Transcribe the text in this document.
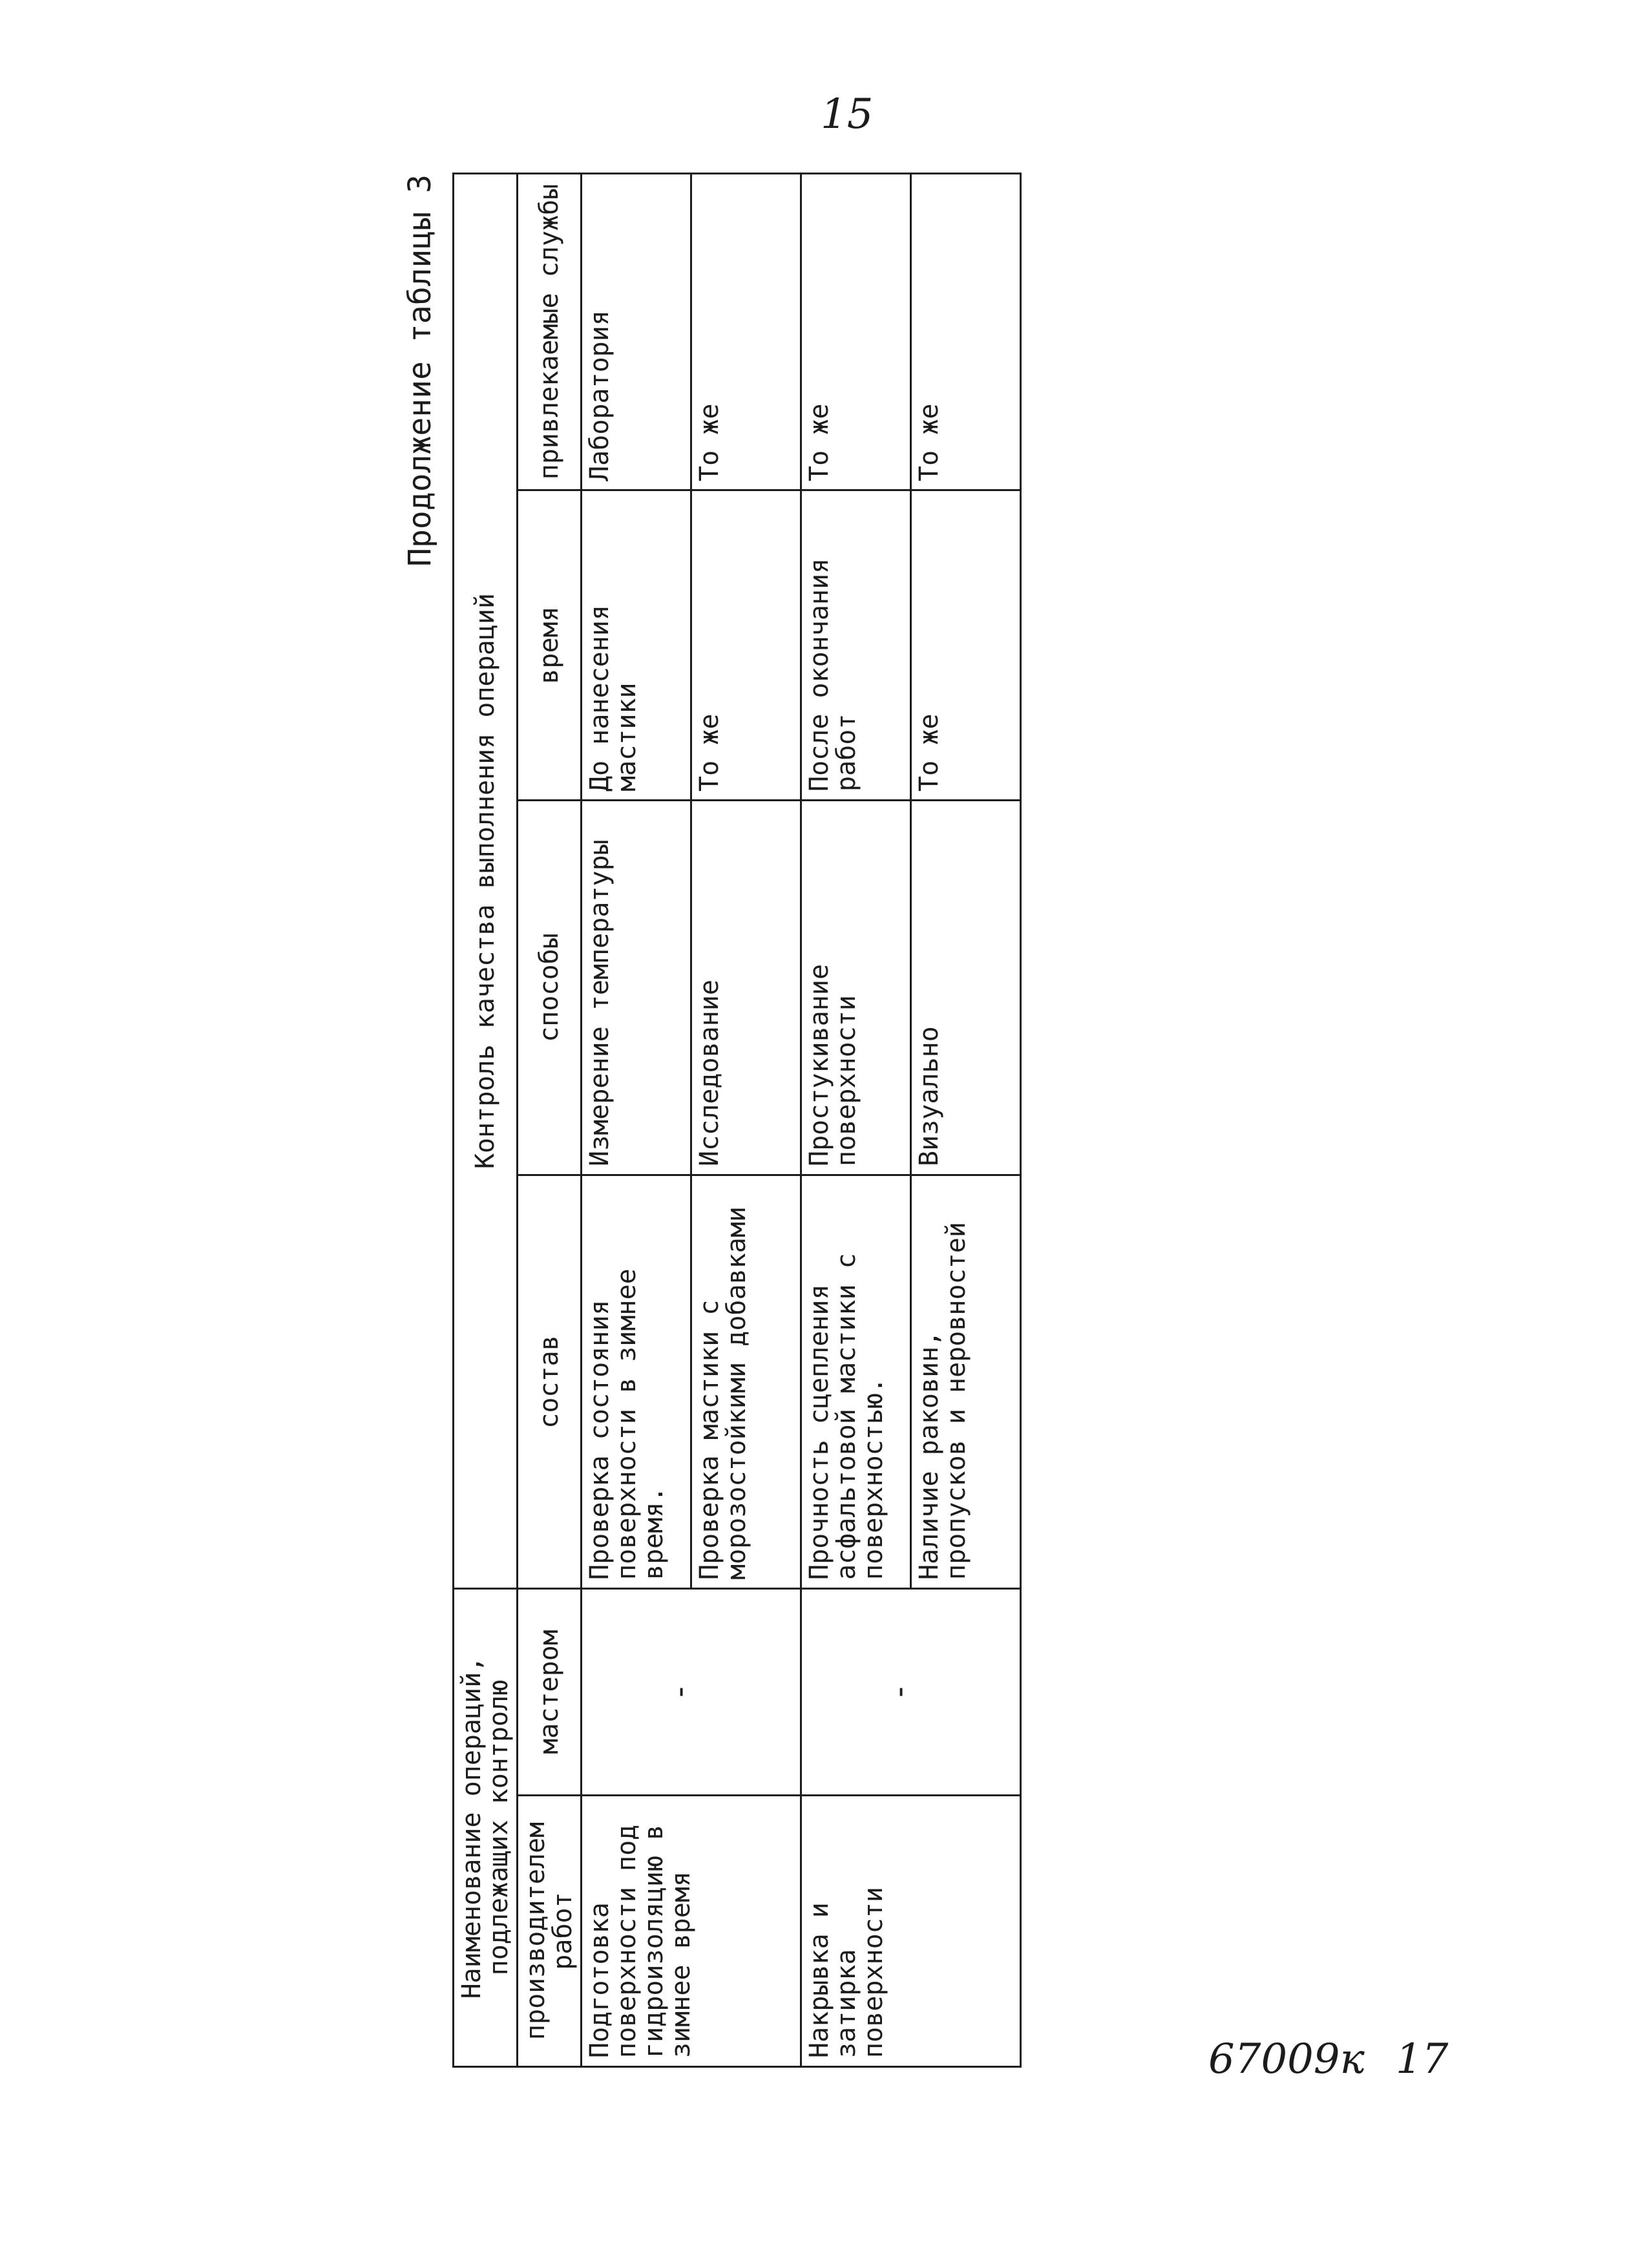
15
Продолжение таблицы 3
Наименование операций, подлежащих контролю		Контроль качества выполнения операций			
производителем работ	мастером	состав	способы	время	привлекаемые службы
Подготовка поверхности под гидроизоляцию в зимнее время	-	Проверка состояния поверхности в зимнее время.	Измерение температуры	До нанесения мастики	Лаборатория
		Проверка мастики с морозостойкими добавками	Исследование	То же	То же
Накрывка и затирка поверхности	-	Прочность сцепления асфальтовой мастики с поверхностью.	Простукивание поверхности	После окончания работ	То же
		Наличие раковин, пропусков и неровностей	Визуально	То же	То же
67009к 17
